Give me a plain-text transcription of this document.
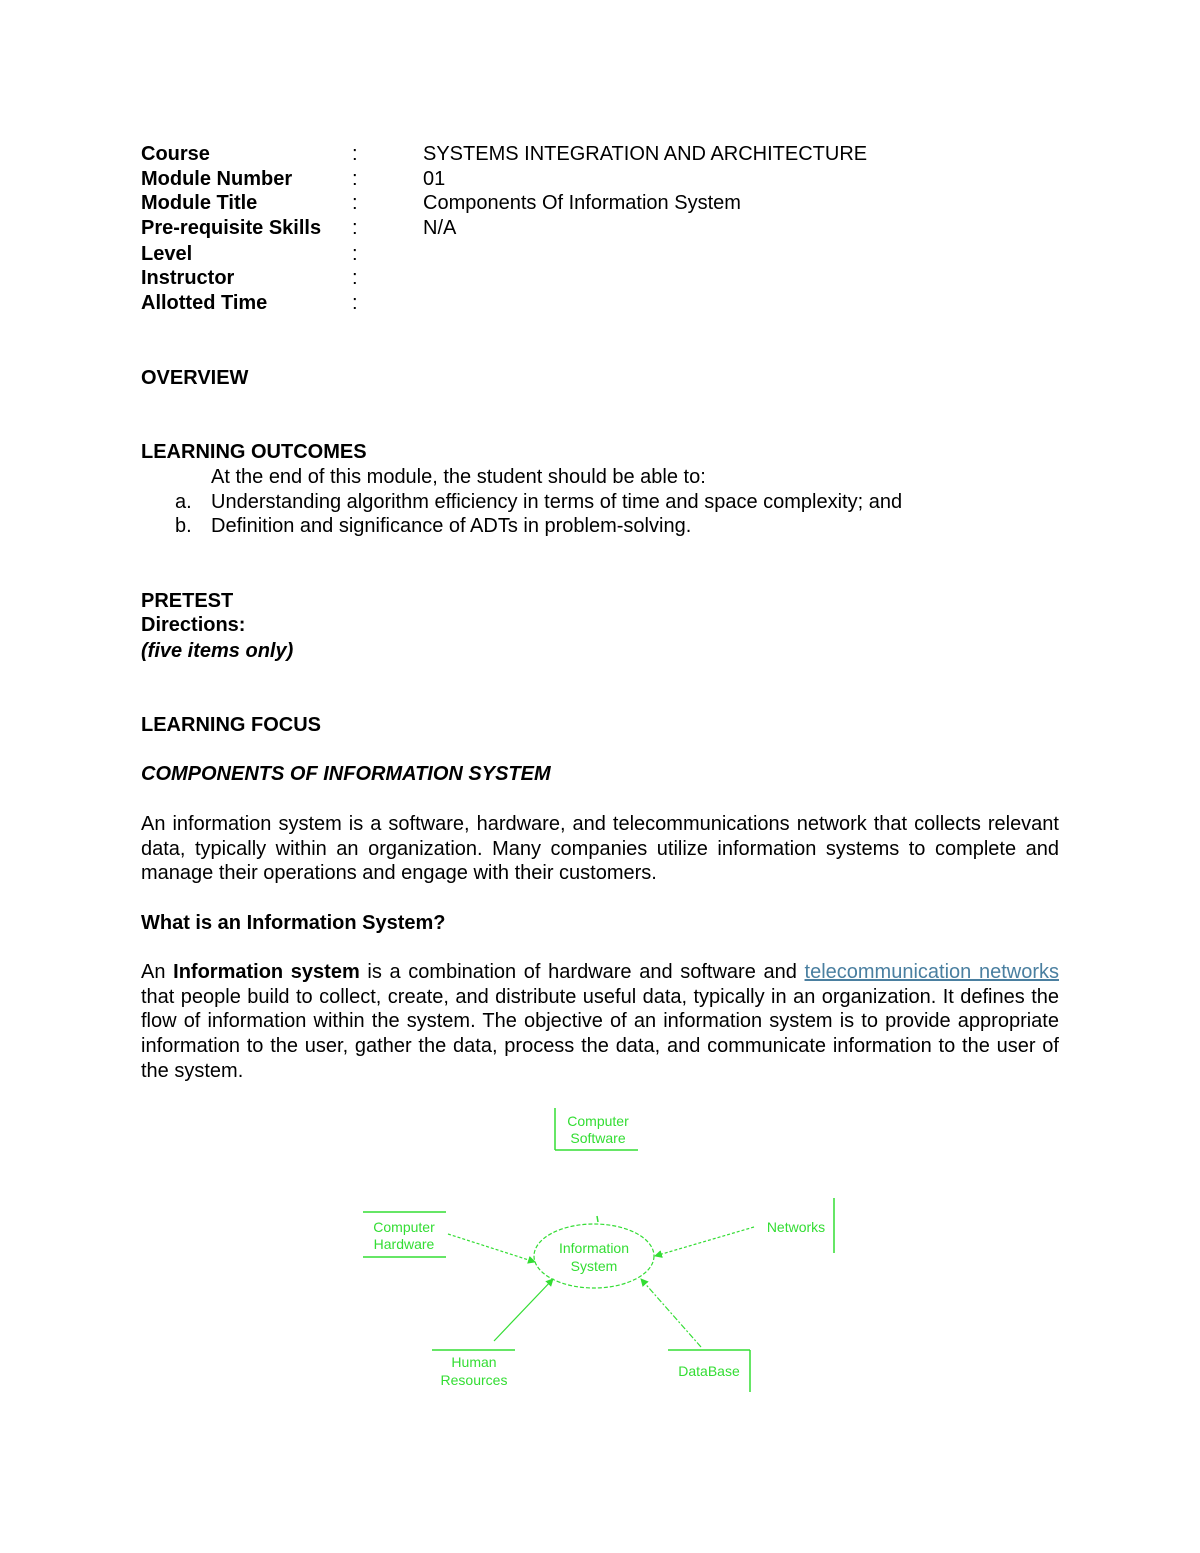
Course	:	SYSTEMS INTEGRATION AND ARCHITECTURE
Module Number	:	01
Module Title	:	Components Of Information System
Pre-requisite Skills :	N/A
Level	:
Instructor	:
Allotted Time	:
OVERVIEW
LEARNING OUTCOMES
At the end of this module, the student should be able to:
a. Understanding algorithm efficiency in terms of time and space complexity; and
b. Definition and significance of ADTs in problem-solving.
PRETEST
Directions:
(five items only)
LEARNING FOCUS
COMPONENTS OF INFORMATION SYSTEM
An information system is a software, hardware, and telecommunications network that collects relevant data, typically within an organization. Many companies utilize information systems to complete and manage their operations and engage with their customers.
What is an Information System?
An Information system is a combination of hardware and software and telecommunication networks that people build to collect, create, and distribute useful data, typically in an organization. It defines the flow of information within the system. The objective of an information system is to provide appropriate information to the user, gather the data, process the data, and communicate information to the user of the system.
Computer
Software
Computer
Hardware
Networks
Human
Resources
DataBase
Information
System
